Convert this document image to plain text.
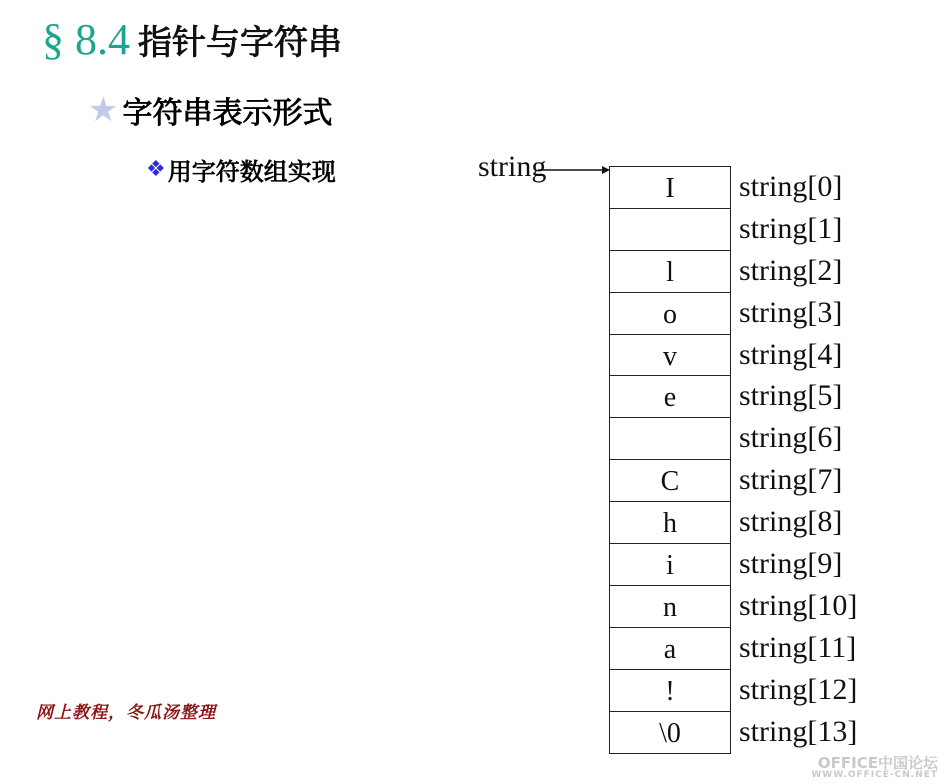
§ 8.4 指针与字符串
★ 字符串表示形式
❖用字符数组实现	string
I
l
o
v
e
C
h
i
n
a
!
\0
string[0]
string[1]
string[2]
string[3]
string[4]
string[5]
string[6]
string[7]
string[8]
string[9]
string[10]
string[11]
string[12]
string[13]
网上教程，冬瓜汤整理
OFFICE中国论坛
WWW.OFFICE-CN.NET
